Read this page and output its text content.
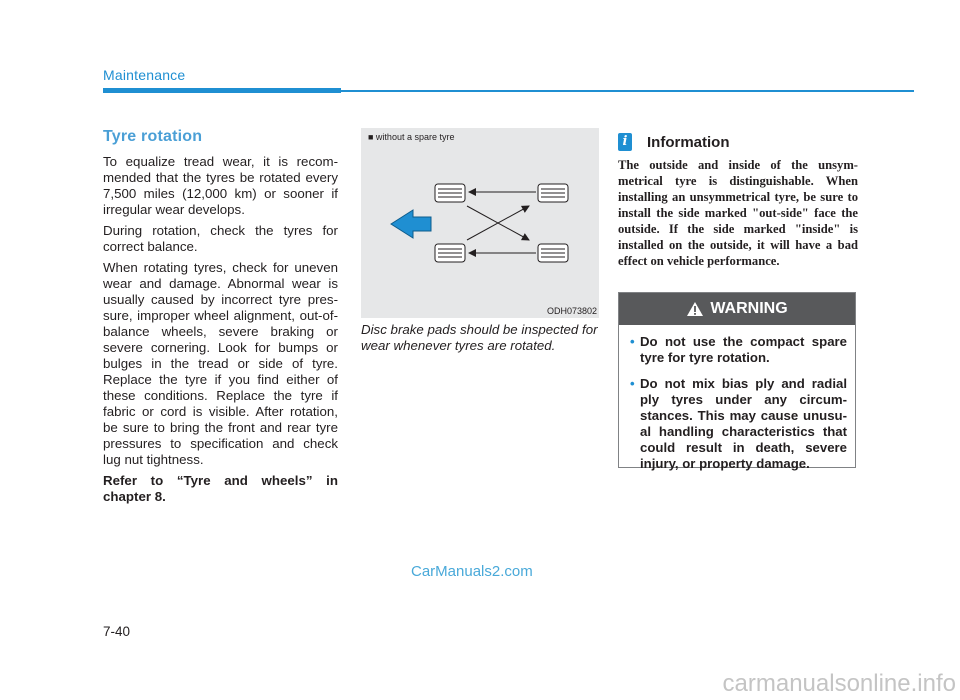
Maintenance
Tyre rotation

To equalize tread wear, it is recom-mended that the tyres be rotated every 7,500 miles (12,000 km) or sooner if irregular wear develops.

During rotation, check the tyres for correct balance.

When rotating tyres, check for uneven wear and damage. Abnormal wear is usually caused by incorrect tyre pres-sure, improper wheel alignment, out-of-balance wheels, severe braking or severe cornering. Look for bumps or bulges in the tread or side of tyre. Replace the tyre if you find either of these conditions. Replace the tyre if fabric or cord is visible. After rotation, be sure to bring the front and rear tyre pressures to specification and check lug nut tightness.

Refer to “Tyre and wheels” in chapter 8.

■ without a spare tyre
ODH073802
Disc brake pads should be inspected for wear whenever tyres are rotated.
i	Information
The outside and inside of the unsym-metrical tyre is distinguishable. When installing an unsymmetrical tyre, be sure to install the side marked "out-side" face the outside. If the side marked "inside" is installed on the outside, it will have a bad effect on vehicle performance.
WARNING
• Do not use the compact spare tyre for tyre rotation.
• Do not mix bias ply and radial ply tyres under any circum-stances. This may cause unusu-al handling characteristics that could result in death, severe injury, or property damage.
CarManuals2.com
7-40
carmanualsonline.info
